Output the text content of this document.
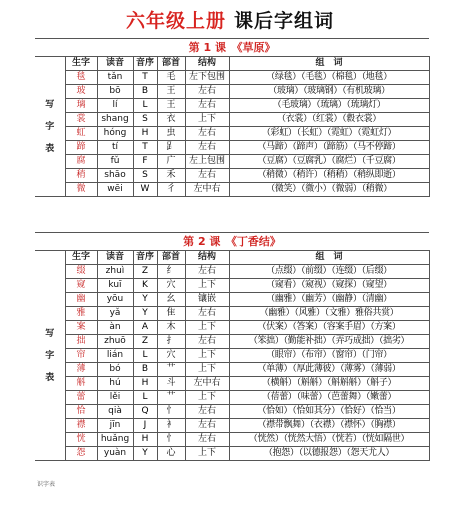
六年级上册 课后字组词
第 1 课　《草原》						

写
字
表	生字	读音	音序	部首	结构	组　词
	毯	tǎn	T	毛	左下包围	（绿毯）（毛毯）（棉毯）（地毯）
	玻	bō	B	王	左右	（玻璃）（玻璃钢）（有机玻璃）
	璃	lí	L	王	左右	（毛玻璃）（琉璃）（琉璃灯）
	裳	shang	S	衣	上下	（衣裳）（红裳）（縠衣裳）
	虹	hóng	H	虫	左右	（彩虹）（长虹）（霓虹）（霓虹灯）
	蹄	tí	T	𧾷	左右	（马蹄）（蹄声）（蹄筋）（马不停蹄）
	腐	fǔ	F	广	左上包围	（豆腐）（豆腐乳）（腐烂）（千豆腐）
	稍	shāo	S	禾	左右	（稍微）（稍许）（稍稍）（稍纵即逝）
	微	wēi	W	彳	左中右	（微笑）（微小）（微弱）（稍微）
第 2 课　《丁香结》						

写
字
表	生字	读音	音序	部首	结构	组　词
	缀	zhuì	Z	纟	左右	（点缀）（前缀）（连缀）（后缀）
	窥	kuī	K	穴	上下	（窥看）（窥视）（窥探）（窥望）
	幽	yōu	Y	幺	镶嵌	（幽雅）（幽芳）（幽静）（清幽）
	雅	yǎ	Y	隹	左右	（幽雅）（风雅）（文雅）雅俗共赏）
	案	àn	A	木	上下	（伏案）（答案）（容案手眉）（方案）
	拙	zhuō	Z	扌	左右	（笨拙）（勤能补拙）（弄巧成拙）（拙劣）
	帘	lián	L	穴	上下	（眼帘）（布帘）（窗帘）（门帘）
	薄	bó	B	艹	上下	（单薄）（厚此薄彼）（薄雾）（薄弱）
	斛	hú	H	斗	左中右	（横斛）（斛斛）（斛斛斛）（斛子）
	蕾	lěi	L	艹	上下	（蓓蕾）（味蕾）（芭蕾舞）（嫩蕾）
	恰	qià	Q	忄	左右	（恰如）（恰如其分）（恰好）（恰当）
	襟	jīn	J	衤	左右	（襟带飘舞）（衣襟）（襟怀）（胸襟）
	恍	huǎng	H	忄	左右	（恍然）（恍然大悟）（恍若）（恍如隔世）
	怨	yuàn	Y	心	上下	（抱怨）（以德报怨）（怨天尤人）
识字表
